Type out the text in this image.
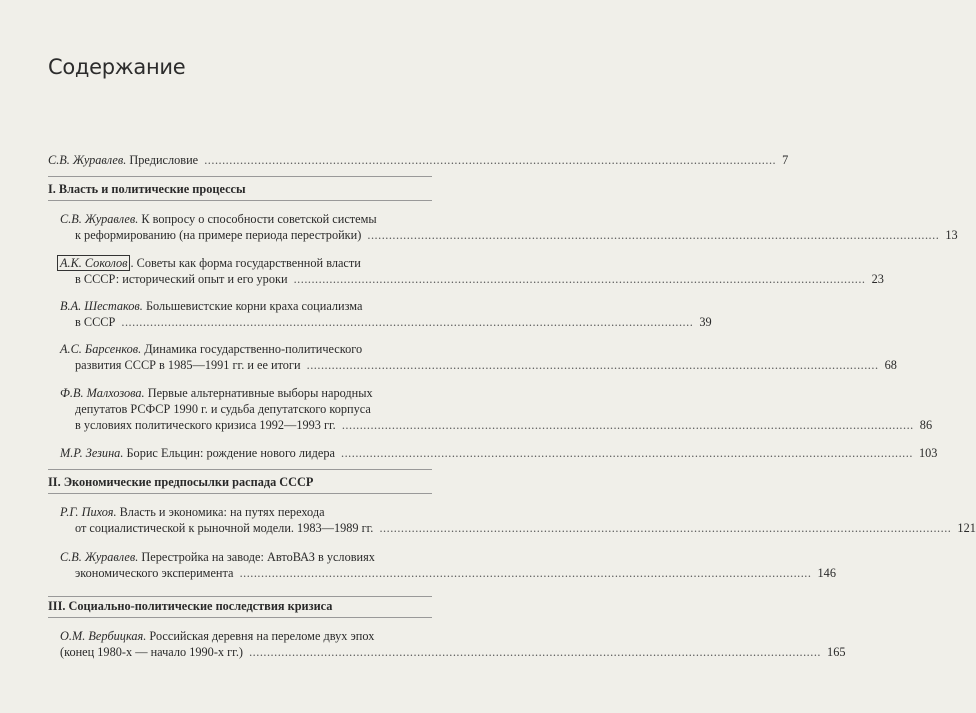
Содержание
С.В. Журавлев. Предисловие .....	7
I. Власть и политические процессы
С.В. Журавлев. К вопросу о способности советской системы
к реформированию (на примере периода перестройки) .....	13
А.К. Соколов . Советы как форма государственной власти
в СССР: исторический опыт и его уроки .....	23
В.А. Шестаков. Большевистские корни краха социализма
в СССР .....	39
А.С. Барсенков. Динамика государственно-политического
развития СССР в 1985—1991 гг. и ее итоги .....	68
Ф.В. Малхозова. Первые альтернативные выборы народных
депутатов РСФСР 1990 г. и судьба депутатского корпуса
в условиях политического кризиса 1992—1993 гг. .....	86
М.Р. Зезина. Борис Ельцин: рождение нового лидера .....	103
II. Экономические предпосылки распада СССР
Р.Г. Пихоя. Власть и экономика: на путях перехода
от социалистической к рыночной модели. 1983—1989 гг. .....	121
С.В. Журавлев. Перестройка на заводе: АвтоВАЗ в условиях
экономического эксперимента .....	146
III. Социально-политические последствия кризиса
О.М. Вербицкая. Российская деревня на переломе двух эпох
(конец 1980-х — начало 1990-х гг.) .....	165
